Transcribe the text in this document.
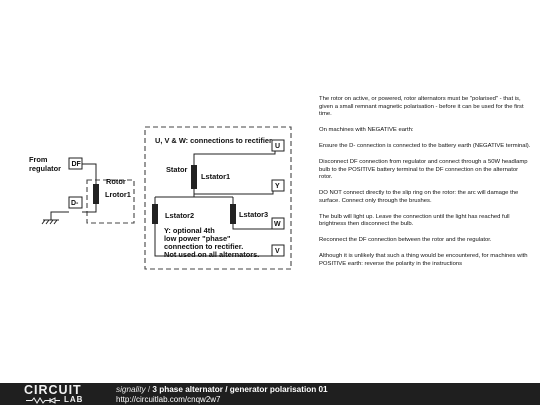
From
regulator
Rotor
Lrotor1
DF
D-
U, V & W: connections to rectifier
Stator
Lstator1
Lstator2	Lstator3
U
Y
W
V
Y: optional 4th
low power "phase"
connection to rectifier.
Not used on all alternators.

The rotor on active, or powered, rotor alternators must be "polarised" - that is, given a small remnant magnetic polarisation - before it can be used for the first time.

On machines with NEGATIVE earth:

Ensure the D- connection is connected to the battery earth (NEGATIVE terminal).

Disconnect DF connection from regulator and connect through a 50W headlamp bulb to the POSITIVE battery terminal to the DF connection on the alternator rotor.

DO NOT connect directly to the slip ring on the rotor: the arc will damage the surface. Connect only through the brushes.

The bulb will light up. Leave the connection until the light has reached full brightness then disconnect the bulb.

Reconnect the DF connection between the rotor and the regulator.

Although it is unlikely that such a thing would be encountered, for machines with POSITIVE earth: reverse the polarity in the instructions

CIRCUIT
LAB
signality / 3 phase alternator / generator polarisation 01
http://circuitlab.com/cnqw2w7
